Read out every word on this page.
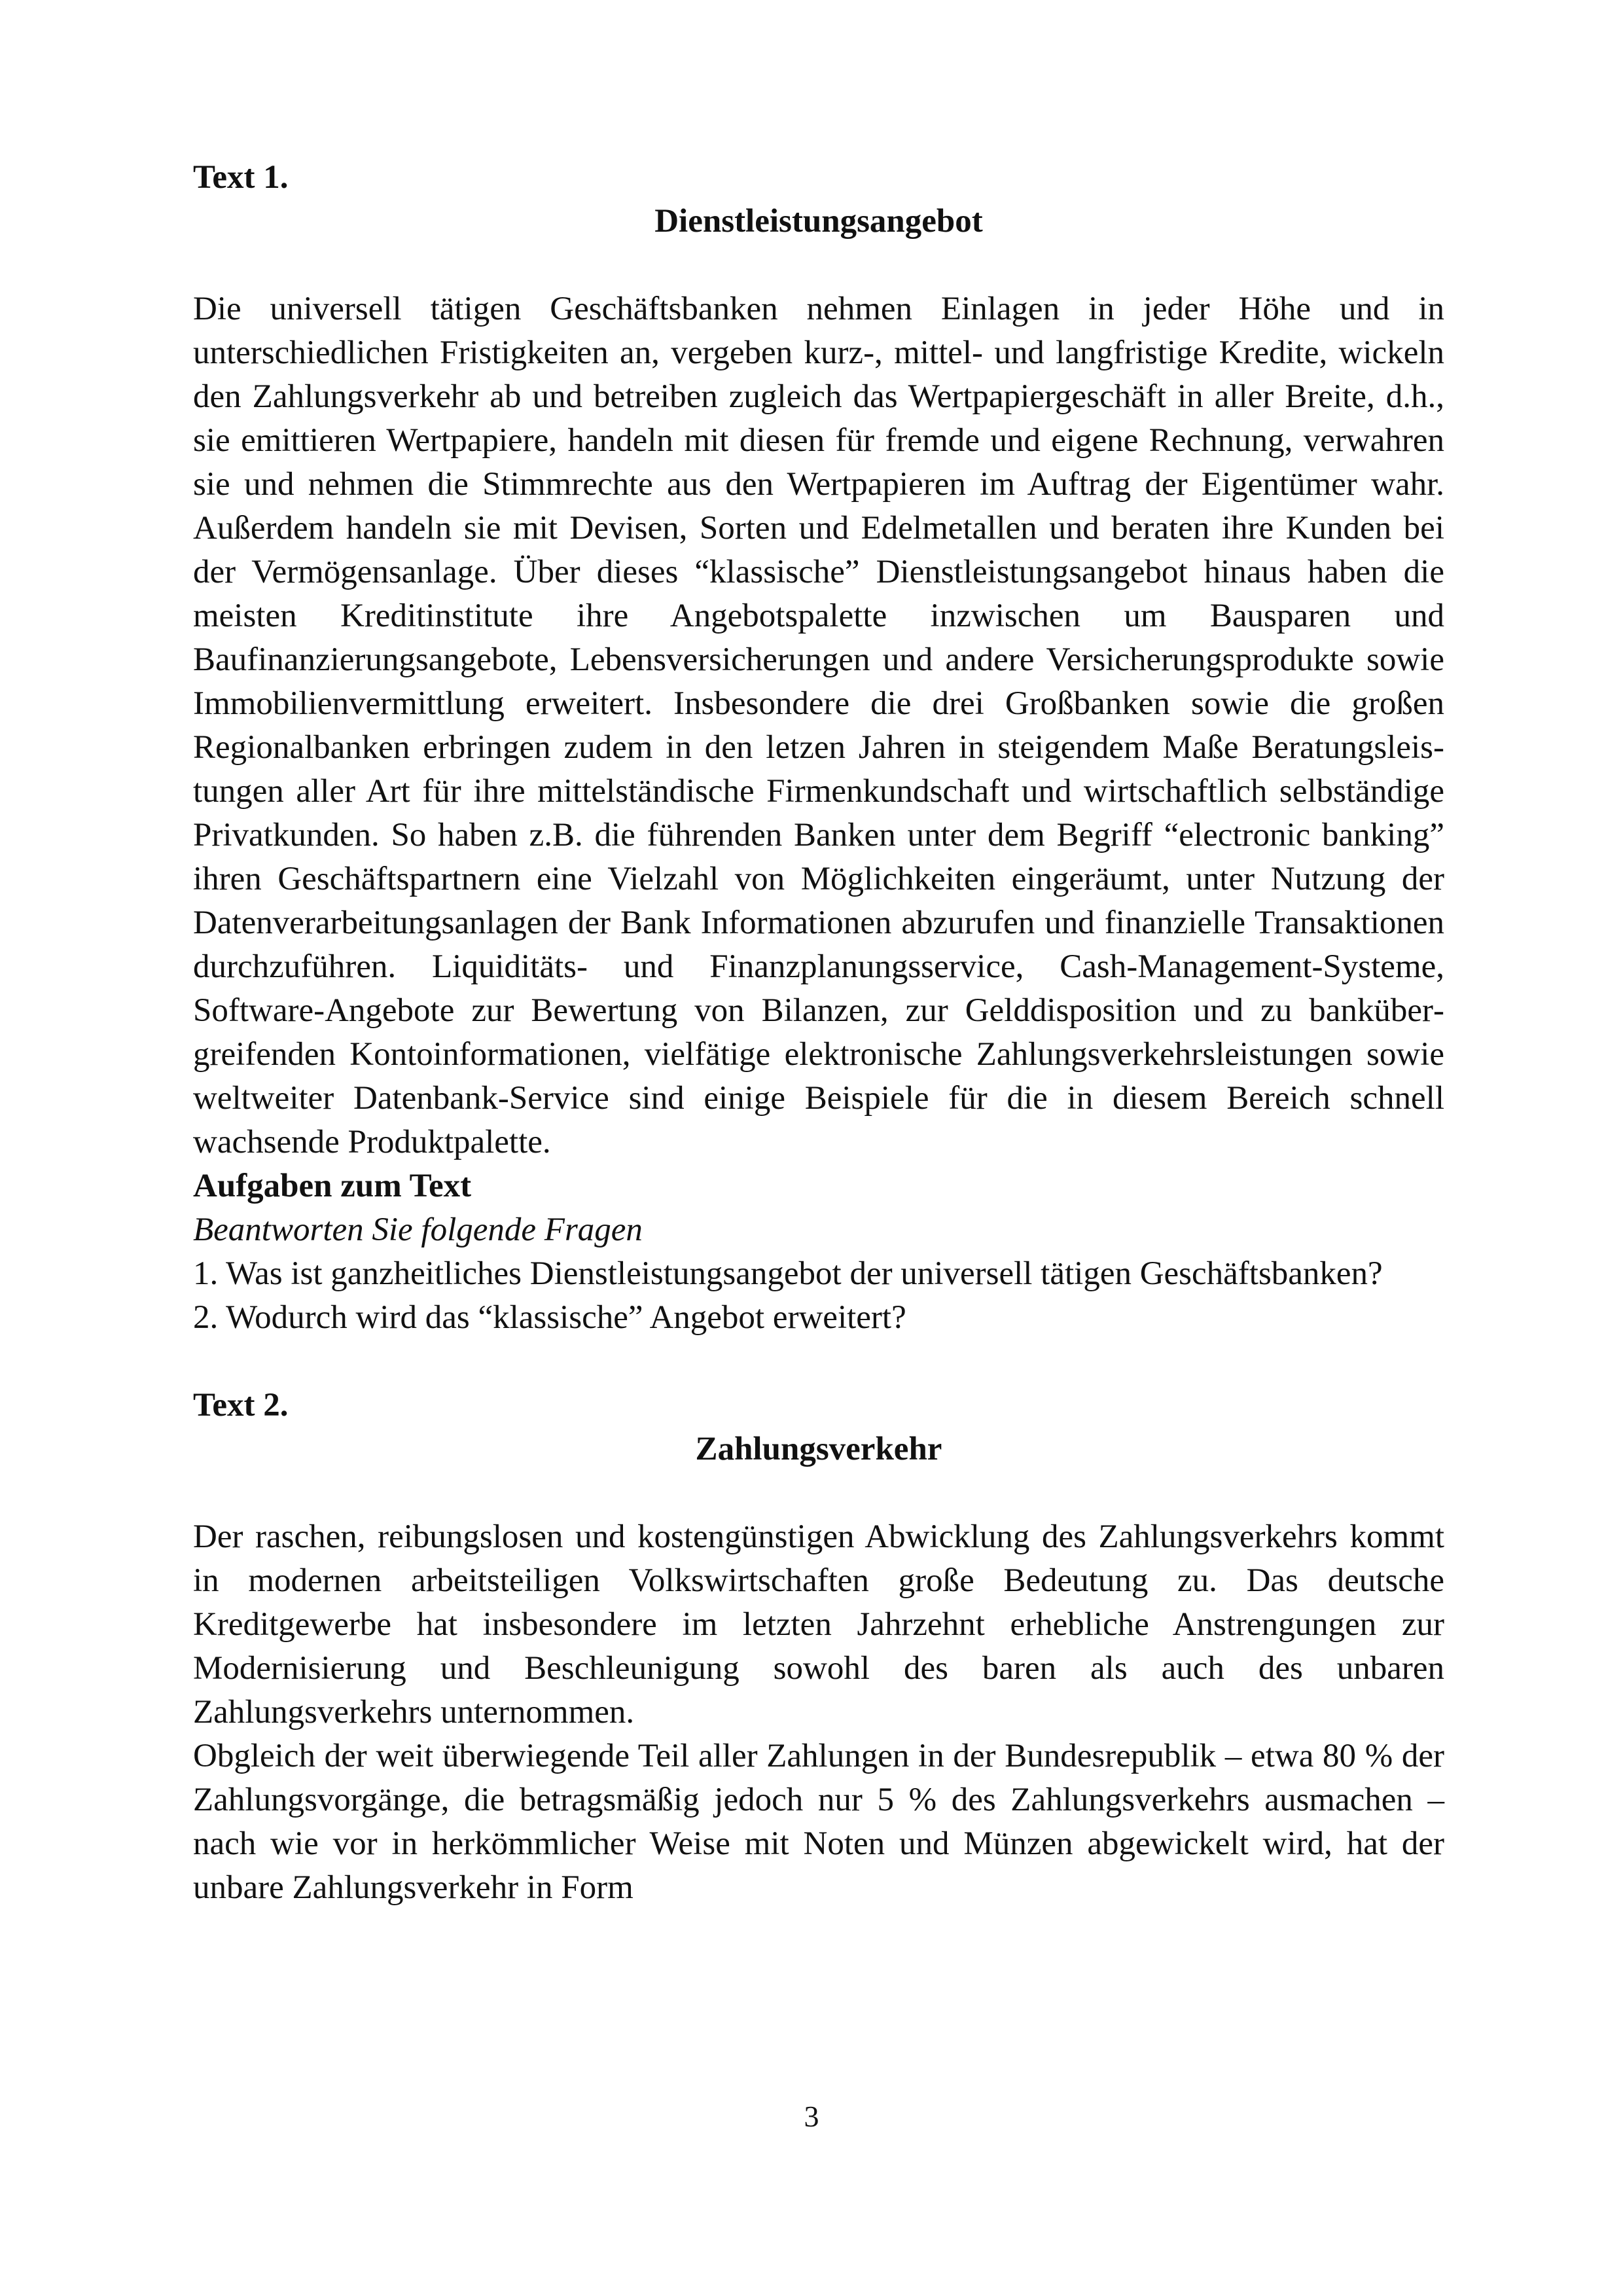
Text 1.

Dienstleistungsangebot

Die universell tätigen Geschäftsbanken nehmen Einlagen in jeder Höhe und in unterschiedlichen Fristigkeiten an, vergeben kurz-, mittel- und langfristige Kredite, wickeln den Zahlungsverkehr ab und betreiben zugleich das Wertpapiergeschäft in aller Breite, d.h., sie emittieren Wertpapiere, handeln mit diesen für fremde und eigene Rechnung, verwahren sie und nehmen die Stimmrechte aus den Wertpapieren im Auftrag der Eigentümer wahr. Außerdem handeln sie mit Devisen, Sorten und Edelmetallen und beraten ihre Kunden bei der Vermögensanlage. Über dieses “klassische” Dienstleistungsangebot hinaus haben die meisten Kreditinstitute ihre Angebotspalette inzwischen um Bausparen und Baufinanzierungsangebote, Lebensversicherungen und andere Versicherungsprodukte sowie Immobilienvermittlung erweitert. Insbesondere die drei Großbanken sowie die großen Regionalbanken erbringen zudem in den letzen Jahren in steigendem Maße Beratungsleistungen aller Art für ihre mittelständische Firmenkundschaft und wirtschaftlich selbständige Privatkunden. So haben z.B. die führenden Banken unter dem Begriff “electronic banking” ihren Geschäftspartnern eine Vielzahl von Möglichkeiten eingeräumt, unter Nutzung der Datenverarbeitungsanlagen der Bank Informationen abzurufen und finanzielle Transaktionen durchzuführen. Liquiditäts- und Finanzplanungsservice, Cash-Management-Systeme, Software-Angebote zur Bewertung von Bilanzen, zur Gelddisposition und zu bankübergreifenden Kontoinformationen, vielfätige elektronische Zahlungsverkehrsleistungen sowie weltweiter Datenbank-Service sind einige Beispiele für die in diesem Bereich schnell wachsende Produktpalette.

Aufgaben zum Text

Beantworten Sie folgende Fragen

1. Was ist ganzheitliches Dienstleistungsangebot der universell tätigen Geschäftsbanken?

2. Wodurch wird das “klassische” Angebot erweitert?

Text 2.

Zahlungsverkehr

Der raschen, reibungslosen und kostengünstigen Abwicklung des Zahlungsverkehrs kommt in modernen arbeitsteiligen Volkswirtschaften große Bedeutung zu. Das deutsche Kreditgewerbe hat insbesondere im letzten Jahrzehnt erhebliche Anstrengungen zur Modernisierung und Beschleunigung sowohl des baren als auch des unbaren Zahlungsverkehrs unternommen.

Obgleich der weit überwiegende Teil aller Zahlungen in der Bundesrepublik – etwa 80 % der Zahlungsvorgänge, die betragsmäßig jedoch nur 5 % des Zahlungsverkehrs ausmachen – nach wie vor in herkömmlicher Weise mit Noten und Münzen abgewickelt wird, hat der unbare Zahlungsverkehr in Form

3
